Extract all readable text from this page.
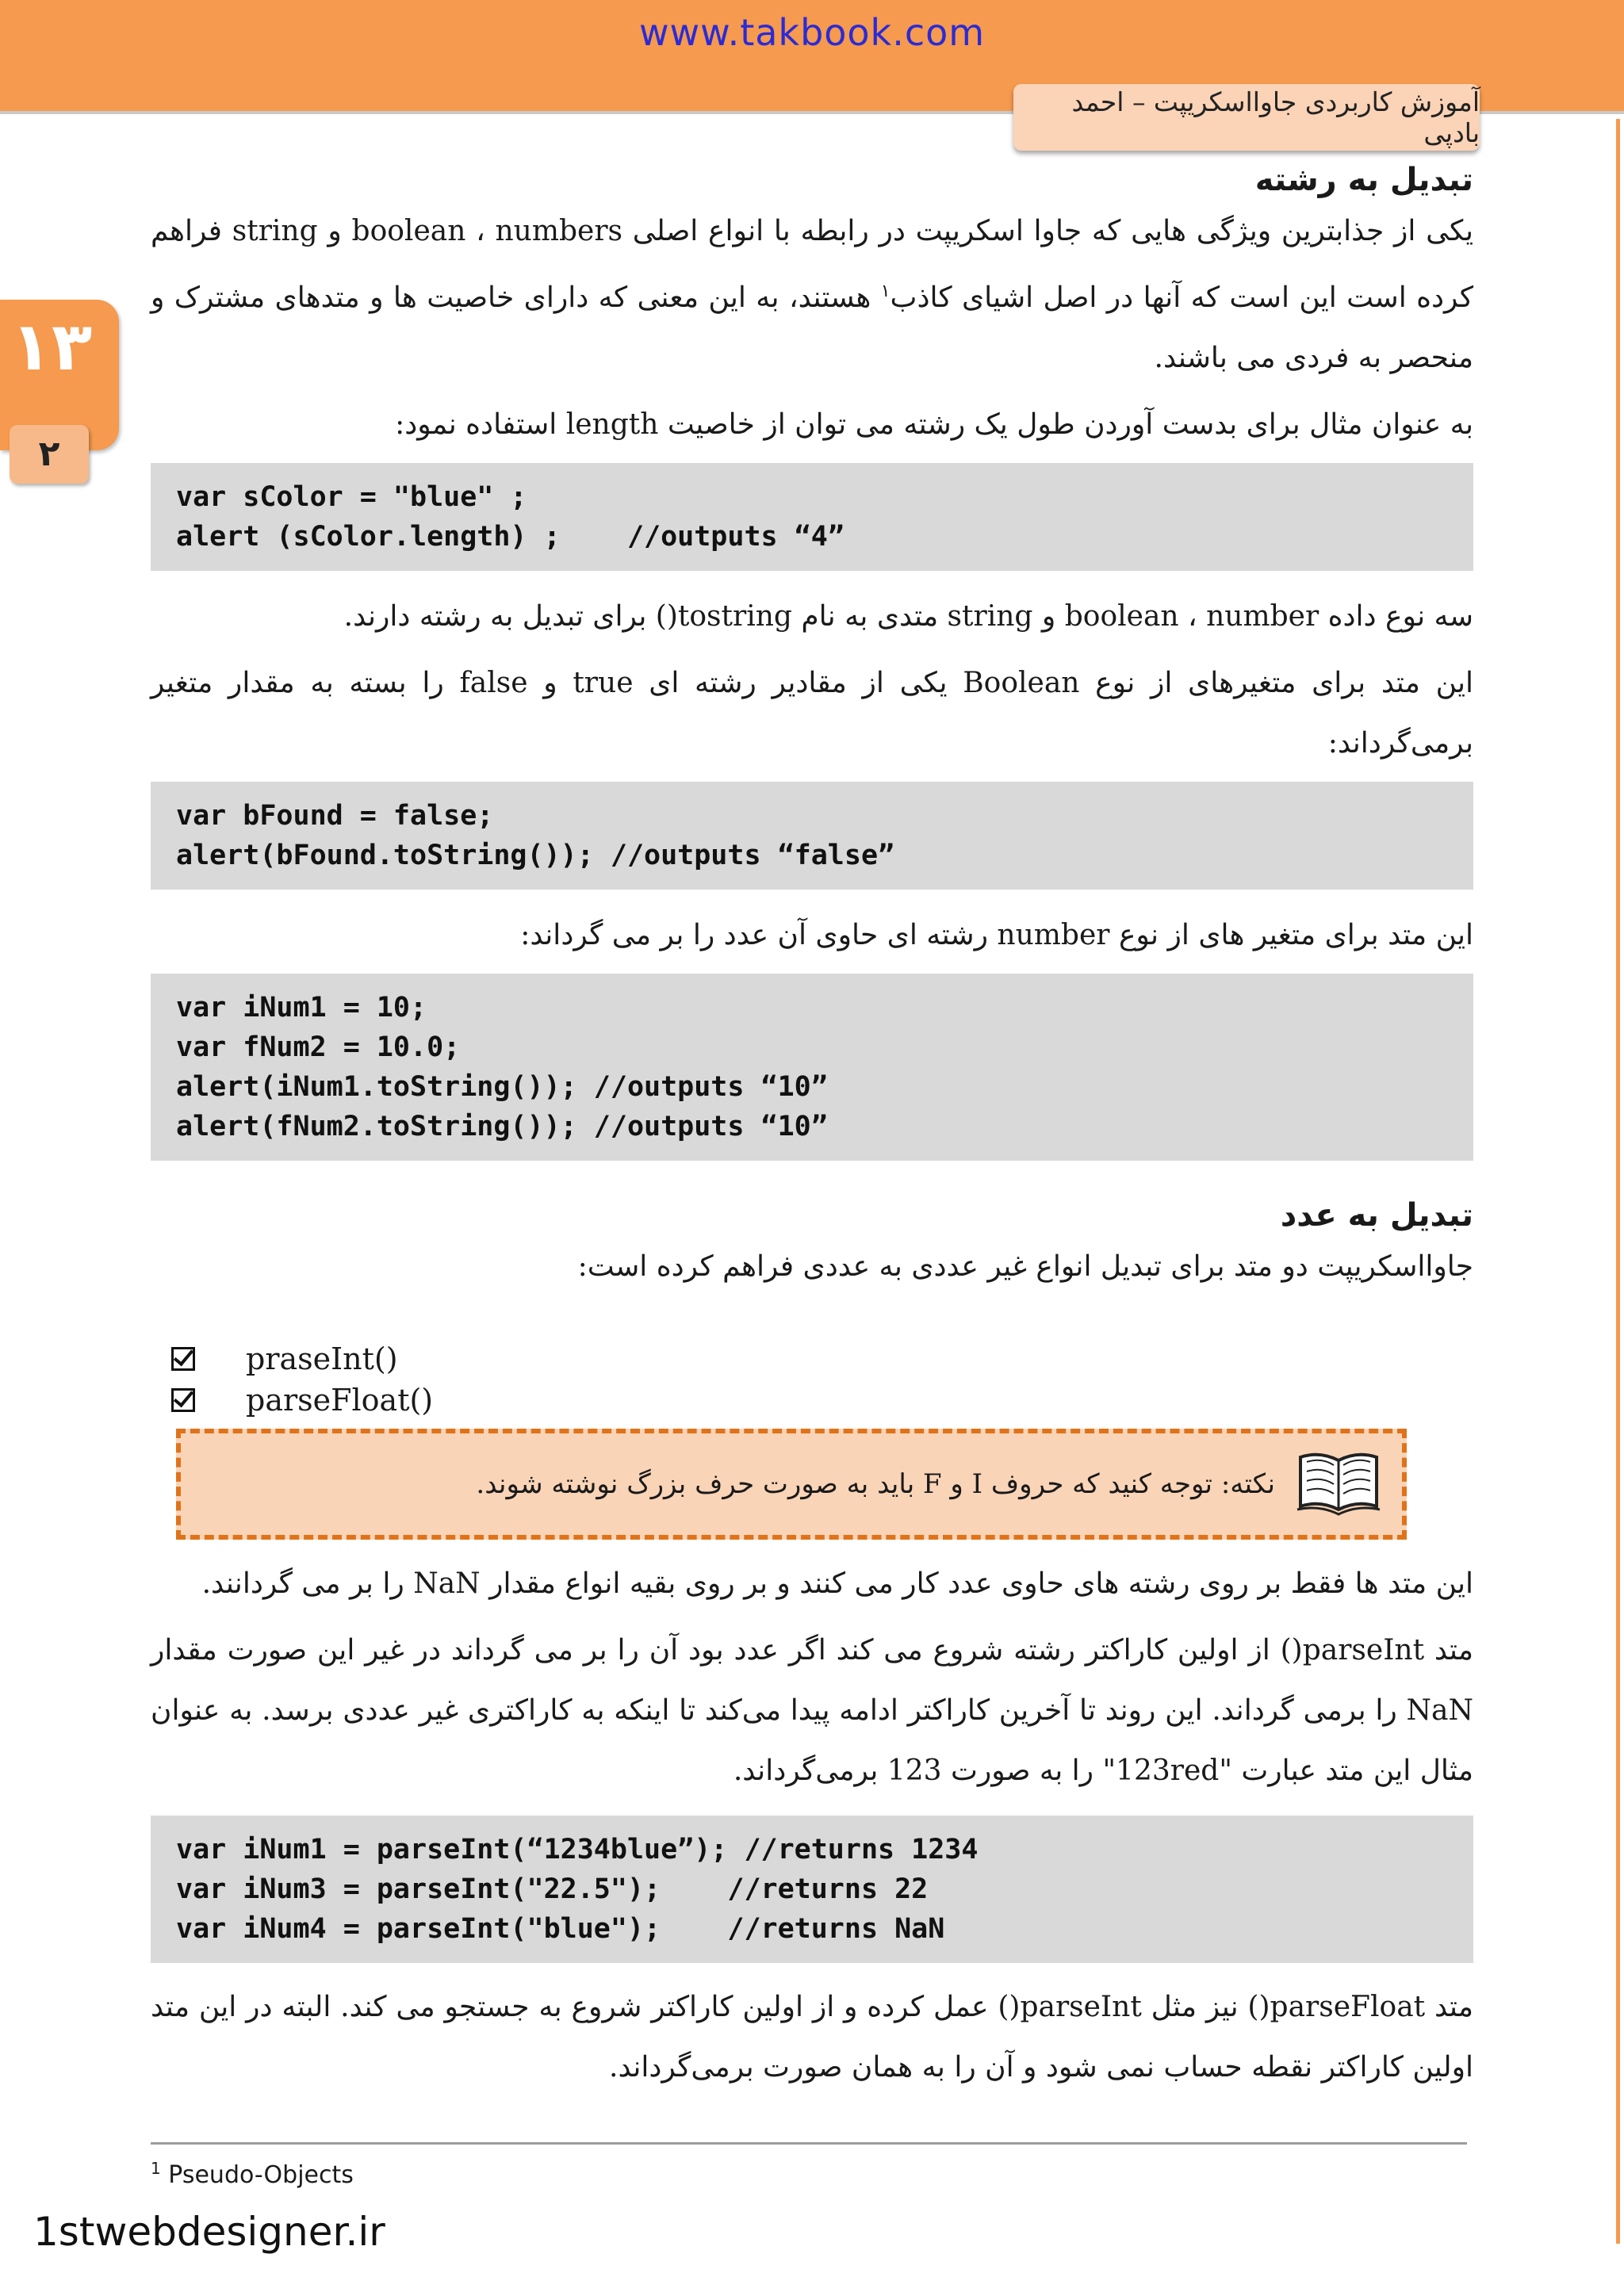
www.takbook.com
آموزش کاربردی جاوااسکریپت – احمد بادپی
۱۳
۲
تبدیل به رشته

یکی از جذابترین ویژگی هایی که جاوا اسکریپت در رابطه با انواع اصلی boolean ، numbers و string فراهم کرده است این است که آنها در اصل اشیای کاذب$^۱$ هستند، به این معنی که دارای خاصیت ها و متدهای مشترک و منحصر به فردی می باشند.

به عنوان مثال برای بدست آوردن طول یک رشته می توان از خاصیت length استفاده نمود:

var sColor = "blue" ;
alert (sColor.length) ;    //outputs “4”

سه نوع داده boolean ، number و string متدی به نام tostring() برای تبدیل به رشته دارند.

این متد برای متغیرهای از نوع Boolean یکی از مقادیر رشته ای true و false را بسته به مقدار متغیر برمی‌گرداند:

var bFound = false;
alert(bFound.toString()); //outputs “false”

این متد برای متغیر های از نوع number رشته ای حاوی آن عدد را بر می گرداند:

var iNum1 = 10;
var fNum2 = 10.0;
alert(iNum1.toString()); //outputs “10”
alert(fNum2.toString()); //outputs “10”
تبدیل به عدد

جاوااسکریپت دو متد برای تبدیل انواع غیر عددی به عددی فراهم کرده است:

praseInt()
parseFloat()
نکته: توجه کنید که حروف I و F باید به صورت حرف بزرگ نوشته شوند.

این متد ها فقط بر روی رشته های حاوی عدد کار می کنند و بر روی بقیه انواع مقدار NaN را بر می گردانند.

متد parseInt() از اولین کاراکتر رشته شروع می کند اگر عدد بود آن را بر می گرداند در غیر این صورت مقدار NaN را برمی گرداند. این روند تا آخرین کاراکتر ادامه پیدا می‌کند تا اینکه به کاراکتری غیر عددی برسد. به عنوان مثال این متد عبارت "123red" را به صورت 123 برمی‌گرداند.

var iNum1 = parseInt(“1234blue”); //returns 1234
var iNum3 = parseInt("22.5");    //returns 22
var iNum4 = parseInt("blue");    //returns NaN

متد parseFloat() نیز مثل parseInt() عمل کرده و از اولین کاراکتر شروع به جستجو می کند. البته در این متد اولین کاراکتر نقطه حساب نمی شود و آن را به همان صورت برمی‌گرداند.

$^1$ Pseudo-Objects
1stwebdesigner.ir
